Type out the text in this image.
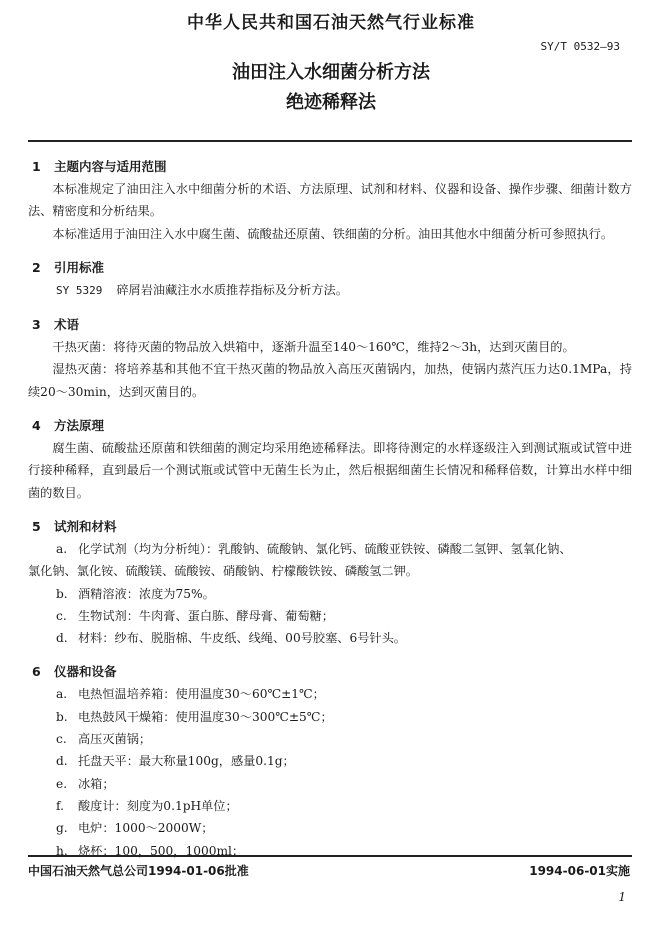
中华人民共和国石油天然气行业标准
SY/T 0532—93
油田注入水细菌分析方法
绝迹稀释法
1 主题内容与适用范围

本标准规定了油田注入水中细菌分析的术语、方法原理、试剂和材料、仪器和设备、操作步骤、细菌计数方法、精密度和分析结果。

本标准适用于油田注入水中腐生菌、硫酸盐还原菌、铁细菌的分析。油田其他水中细菌分析可参照执行。

2 引用标准

SY 5329 碎屑岩油藏注水水质推荐指标及分析方法。

3 术语

干热灭菌：将待灭菌的物品放入烘箱中，逐渐升温至140～160℃，维持2～3h，达到灭菌目的。

湿热灭菌：将培养基和其他不宜干热灭菌的物品放入高压灭菌锅内，加热，使锅内蒸汽压力达0.1MPa，持续20～30min，达到灭菌目的。

4 方法原理

腐生菌、硫酸盐还原菌和铁细菌的测定均采用绝迹稀释法。即将待测定的水样逐级注入到测试瓶或试管中进行接种稀释，直到最后一个测试瓶或试管中无菌生长为止，然后根据细菌生长情况和稀释倍数，计算出水样中细菌的数目。

5 试剂和材料

a. 化学试剂（均为分析纯）：乳酸钠、硫酸钠、氯化钙、硫酸亚铁铵、磷酸二氢钾、氢氧化钠、

氯化钠、氯化铵、硫酸镁、硫酸铵、硝酸钠、柠檬酸铁铵、磷酸氢二钾。

b. 酒精溶液：浓度为75%。

c. 生物试剂：牛肉膏、蛋白胨、酵母膏、葡萄糖；

d. 材料：纱布、脱脂棉、牛皮纸、线绳、00号胶塞、6号针头。

6 仪器和设备

a. 电热恒温培养箱：使用温度30～60℃±1℃；

b. 电热鼓风干燥箱：使用温度30～300℃±5℃；

c. 高压灭菌锅；

d. 托盘天平：最大称量100g，感量0.1g；

e. 冰箱；

f. 酸度计：刻度为0.1pH单位；

g. 电炉：1000～2000W；

h. 烧杯：100，500，1000ml；

中国石油天然气总公司1994-01-06批准	1994-06-01实施
1
